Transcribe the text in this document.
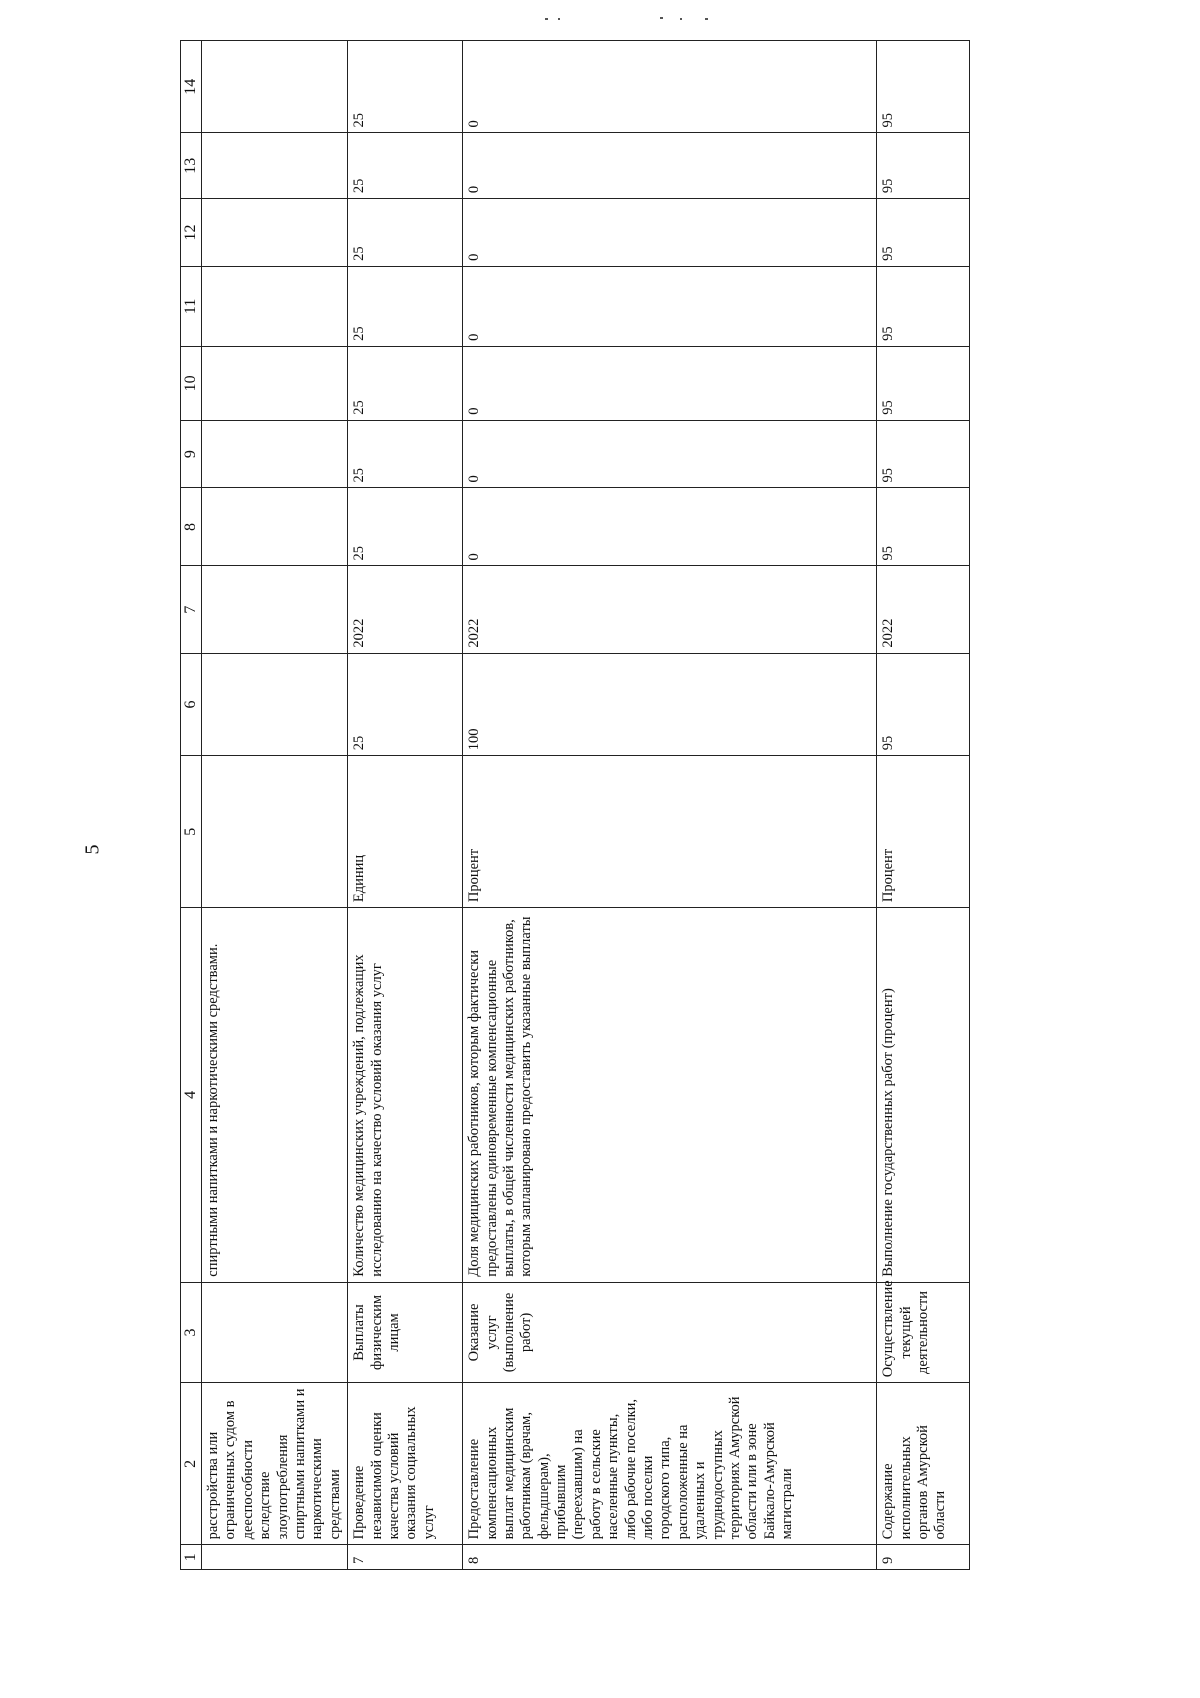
5
1	2	3	4	5	6	7	8	9	10	11	12	13	14
	расстройства или ограниченных судом в дееспособности вследствие злоупотребления спиртными напитками и наркотическими средствами		спиртными напитками и наркотическими средствами.										
7	Проведение независимой оценки качества условий оказания социальных услуг	Выплаты физическим лицам	Количество медицинских учреждений, подлежащих исследованию на качество условий оказания услуг	Единиц	25	2022	25	25	25	25	25	25	25
8	Предоставление компенсационных выплат медицинским работникам (врачам, фельдшерам), прибывшим (переехавшим) на работу в сельские населенные пункты, либо рабочие поселки, либо поселки городского типа, расположенные на удаленных и труднодоступных территориях Амурской области или в зоне Байкало-Амурской магистрали	Оказание услуг (выполнение работ)	Доля медицинских работников, которым фактически предоставлены единовременные компенсационные выплаты, в общей численности медицинских работников, которым запланировано предоставить указанные выплаты	Процент	100	2022	0	0	0	0	0	0	0
9	Содержание исполнительных органов Амурской области	Осуществление текущей деятельности	Выполнение государственных работ (процент)	Процент	95	2022	95	95	95	95	95	95	95
